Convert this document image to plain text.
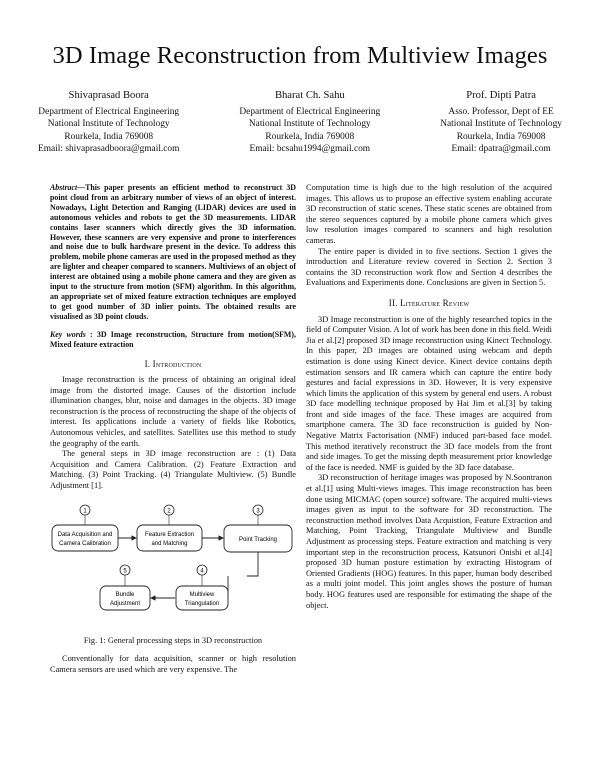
3D Image Reconstruction from Multiview Images
Shivaprasad Boora
Department of Electrical Engineering
National Institute of Technology
Rourkela, India 769008
Email: shivaprasadboora@gmail.com
Bharat Ch. Sahu
Department of Electrical Engineering
National Institute of Technology
Rourkela, India 769008
Email: bcsahu1994@gmail.com
Prof. Dipti Patra
Asso. Professor, Dept of EE
National Institute of Technology
Rourkela, India 769008
Email: dpatra@gmail.com

Abstract—This paper presents an efficient method to reconstruct 3D point cloud from an arbitrary number of views of an object of interest. Nowadays, Light Detection and Ranging (LIDAR) devices are used in autonomous vehicles and robots to get the 3D measurements. LIDAR contains laser scanners which directly gives the 3D information. However, these scanners are very expensive and prone to interferences and noise due to bulk hardware present in the device. To address this problem, mobile phone cameras are used in the proposed method as they are lighter and cheaper compared to scanners. Multiviews of an object of interest are obtained using a mobile phone camera and they are given as input to the structure from motion (SFM) algorithm. In this algorithm, an appropriate set of mixed feature extraction techniques are employed to get good number of 3D inlier points. The obtained results are visualised as 3D point clouds.

Key words : 3D Image reconstruction, Structure from motion(SFM), Mixed feature extraction

I. Introduction

Image reconstruction is the process of obtaining an original ideal image from the distorted image. Causes of the distortion include illumination changes, blur, noise and damages in the objects. 3D image reconstruction is the process of reconstructing the shape of the objects of interest. Its applications include a variety of fields like Robotics, Autonomous vehicles, and satellites. Satellites use this method to study the geography of the earth.

The general steps in 3D image reconstruction are : (1) Data Acquisition and Camera Calibration. (2) Feature Extraction and Matching. (3) Point Tracking. (4) Triangulate Multiview. (5) Bundle Adjustment [1].

Data Acquisition and
Camera Calibration
1
Feature Extraction
and Matching
2
Point Tracking
3
Multiview
Triangulation
4
Bundle
Adjustment
5
Fig. 1: General processing steps in 3D reconstruction

Conventionally for data acquisition, scanner or high resolution Camera sensors are used which are very expensive. The

Computation time is high due to the high resolution of the acquired images. This allows us to propose an effective system enabling accurate 3D reconstruction of static scenes. These static scenes are obtained from the stereo sequences captured by a mobile phone camera which gives low resolution images compared to scanners and high resolution cameras.

The entire paper is divided in to five sections. Section 1 gives the introduction and Literature review covered in Section 2. Section 3 contains the 3D reconstruction work flow and Section 4 describes the Evaluations and Experiments done. Conclusions are given in Section 5.

II. Literature Review

3D Image reconstruction is one of the highly researched topics in the field of Computer Vision. A lot of work has been done in this field. Weidi Jia et al.[2] proposed 3D image reconstruction using Kinect Technology. In this paper, 2D images are obtained using webcam and depth estimation is done using Kinect device. Kinect device contains depth estimation sensors and IR camera which can capture the entire body gestures and facial expressions in 3D. However, It is very expensive which limits the application of this system by general end users. A robust 3D face modelling technique proposed by Hai Jim et al.[3] by taking front and side images of the face. These images are acquired from smartphone camera. The 3D face reconstruction is guided by Non-Negative Matrix Factorisation (NMF) induced part-based face model. This method iteratively reconstruct the 3D face models from the front and side images. To get the missing depth measurement prior knowledge of the face is needed. NMF is guided by the 3D face database.

3D reconstruction of heritage images was proposed by N.Soontranon et al.[1] using Multi-views images. This image reconstruction has been done using MICMAC (open source) software. The acquired multi-views images given as input to the software for 3D reconstruction. The reconstruction method involves Data Acquistion, Feature Extraction and Matching, Point Tracking, Triangulate Multiview and Bundle Adjustment as processing steps. Feature extraction and matching is very important step in the reconstruction process, Katsunori Onishi et al.[4] proposed 3D human posture estimation by extracting Histogram of Oriented Gradients (HOG) features. In this paper, human body described as a multi joint model. This joint angles shows the posture of human body. HOG features used are responsible for estimating the shape of the object.
